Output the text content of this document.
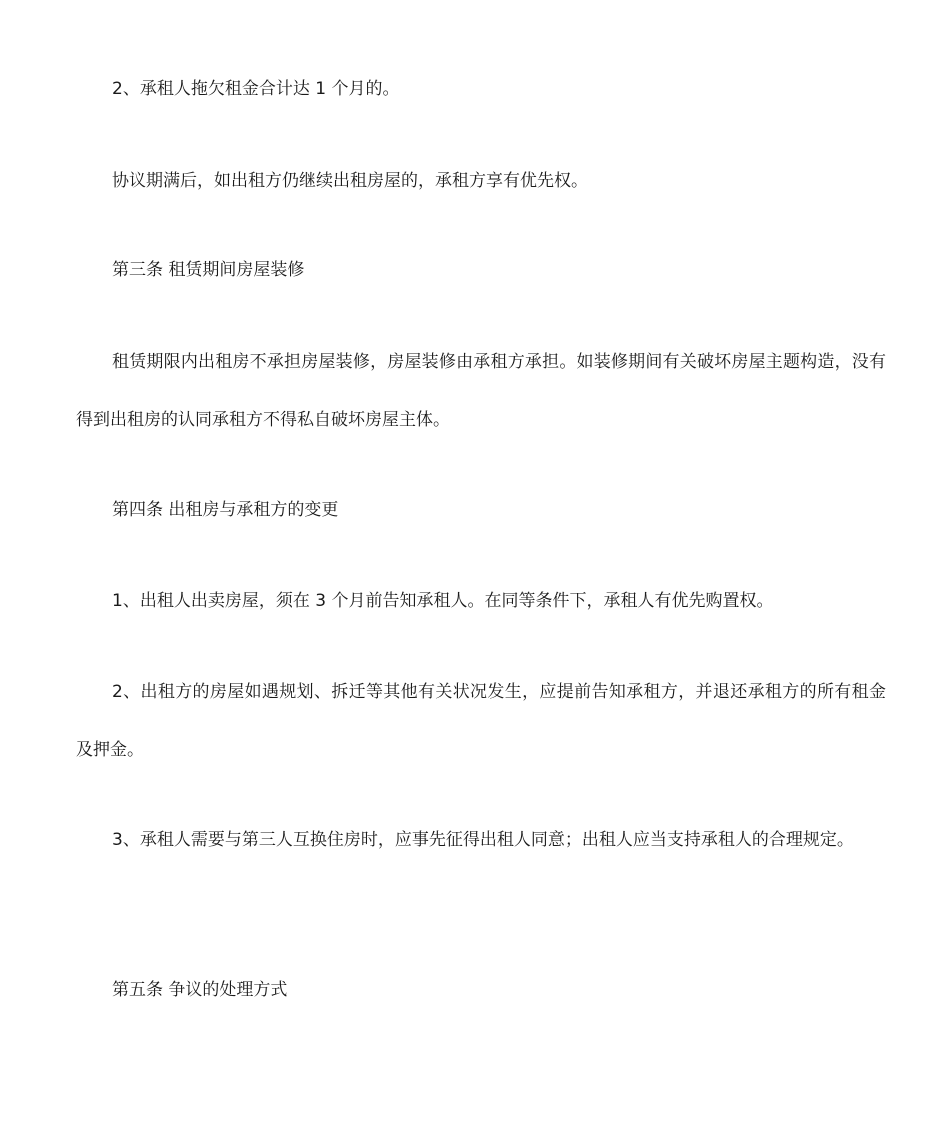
2、承租人拖欠租金合计达 1 个月的。

协议期满后，如出租方仍继续出租房屋的，承租方享有优先权。

第三条 租赁期间房屋装修

租赁期限内出租房不承担房屋装修，房屋装修由承租方承担。如装修期间有关破坏房屋主题构造，没有得到出租房的认同承租方不得私自破坏房屋主体。

第四条 出租房与承租方的变更

1、出租人出卖房屋，须在 3 个月前告知承租人。在同等条件下，承租人有优先购置权。

2、出租方的房屋如遇规划、拆迁等其他有关状况发生，应提前告知承租方，并退还承租方的所有租金及押金。

3、承租人需要与第三人互换住房时，应事先征得出租人同意；出租人应当支持承租人的合理规定。

第五条 争议的处理方式
